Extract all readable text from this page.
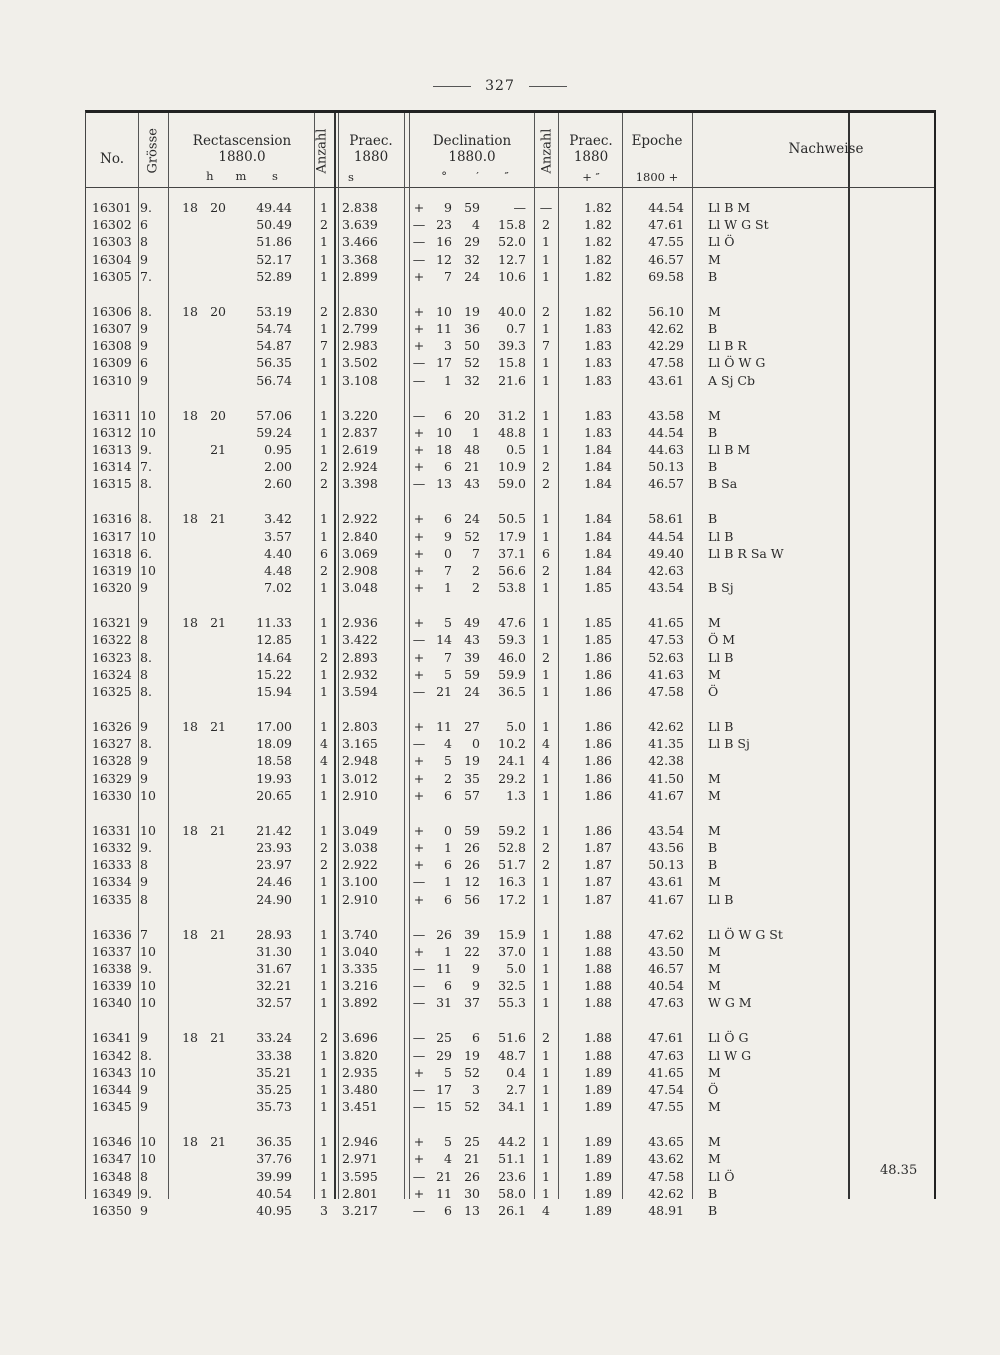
327
No.	Grösse	Rectascension
1880.0
h      m       s
Anzahl	Praec.
1880
s
Declination
1880.0
°        ′       ″
Anzahl	Praec.
1880
+ ″
Epoche
1800 +
Nachweise
16301 9.	18 20	49.44	1	2.838	+	9 59	—	—	1.82	44.54 Ll B M
16302 6	50.49	2	3.639	— 23	4	15.8	2	1.82	47.61 Ll W G St
16303 8	51.86	1	3.466	— 16 29	52.0	1	1.82	47.55 Ll Ö
16304 9	52.17	1	3.368	— 12 32	12.7	1	1.82	46.57 M
16305 7.	52.89	1	2.899	+	7 24	10.6	1	1.82	69.58 B
16306 8.	18 20	53.19	2	2.830	+ 10 19	40.0	2	1.82	56.10 M
16307 9	54.74	1	2.799	+ 11 36	0.7	1	1.83	42.62 B
16308 9	54.87	7	2.983	+	3 50	39.3	7	1.83	42.29 Ll B R
16309 6	56.35	1	3.502	— 17 52	15.8	1	1.83	47.58 Ll Ö W G
16310 9	56.74	1	3.108	—	1 32	21.6	1	1.83	43.61 A Sj Cb
16311 10	18 20	57.06	1	3.220	—	6 20	31.2	1	1.83	43.58 M
16312 10	59.24	1	2.837	+ 10	1	48.8	1	1.83	44.54 B
16313 9.	21	0.95	1	2.619	+ 18 48	0.5	1	1.84	44.63 Ll B M
16314 7.	2.00	2	2.924	+	6 21	10.9	2	1.84	50.13 B
16315 8.	2.60	2	3.398	— 13 43	59.0	2	1.84	46.57 B Sa
16316 8.	18 21	3.42	1	2.922	+	6 24	50.5	1	1.84	58.61 B
16317 10	3.57	1	2.840	+	9 52	17.9	1	1.84	44.54 Ll B
16318 6.	4.40	6	3.069	+	0	7	37.1	6	1.84	49.40 Ll B R Sa W
16319 10	4.48	2	2.908	+	7	2	56.6	2	1.84	42.63
16320 9	7.02	1	3.048	+	1	2	53.8	1	1.85	43.54 B Sj
16321 9	18 21	11.33	1	2.936	+	5 49	47.6	1	1.85	41.65 M
16322 8	12.85	1	3.422	— 14 43	59.3	1	1.85	47.53 Ö M
16323 8.	14.64	2	2.893	+	7 39	46.0	2	1.86	52.63 Ll B
16324 8	15.22	1	2.932	+	5 59	59.9	1	1.86	41.63 M
16325 8.	15.94	1	3.594	— 21 24	36.5	1	1.86	47.58 Ö
16326 9	18 21	17.00	1	2.803	+ 11 27	5.0	1	1.86	42.62 Ll B
16327 8.	18.09	4	3.165	—	4	0	10.2	4	1.86	41.35 Ll B Sj
16328 9	18.58	4	2.948	+	5 19	24.1	4	1.86	42.38
16329 9	19.93	1	3.012	+	2 35	29.2	1	1.86	41.50 M
16330 10	20.65	1	2.910	+	6 57	1.3	1	1.86	41.67 M
16331 10	18 21	21.42	1	3.049	+	0 59	59.2	1	1.86	43.54 M
16332 9.	23.93	2	3.038	+	1 26	52.8	2	1.87	43.56 B
16333 8	23.97	2	2.922	+	6 26	51.7	2	1.87	50.13 B
16334 9	24.46	1	3.100	—	1 12	16.3	1	1.87	43.61 M
16335 8	24.90	1	2.910	+	6 56	17.2	1	1.87	41.67 Ll B
16336 7	18 21	28.93	1	3.740	— 26 39	15.9	1	1.88	47.62 Ll Ö W G St
16337 10	31.30	1	3.040	+	1 22	37.0	1	1.88	43.50 M
16338 9.	31.67	1	3.335	— 11	9	5.0	1	1.88	46.57 M
16339 10	32.21	1	3.216	—	6	9	32.5	1	1.88	40.54 M
16340 10	32.57	1	3.892	— 31 37	55.3	1	1.88	47.63 W G M
16341 9	18 21	33.24	2	3.696	— 25	6	51.6	2	1.88	47.61 Ll Ö G
16342 8.	33.38	1	3.820	— 29 19	48.7	1	1.88	47.63 Ll W G
16343 10	35.21	1	2.935	+	5 52	0.4	1	1.89	41.65 M
16344 9	35.25	1	3.480	— 17	3	2.7	1	1.89	47.54 Ö
16345 9	35.73	1	3.451	— 15 52	34.1	1	1.89	47.55 M
16346 10	18 21	36.35	1	2.946	+	5 25	44.2	1	1.89	43.65 M
16347 10	37.76	1	2.971	+	4 21	51.1	1	1.89	43.62 M
16348 8	39.99	1	3.595	— 21 26	23.6	1	1.89	47.58 Ll Ö
16349 9.	40.54	1	2.801	+ 11 30	58.0	1	1.89	42.62 B
16350 9	40.95	3	3.217	—	6 13	26.1	4	1.89	48.91 B
48.35
